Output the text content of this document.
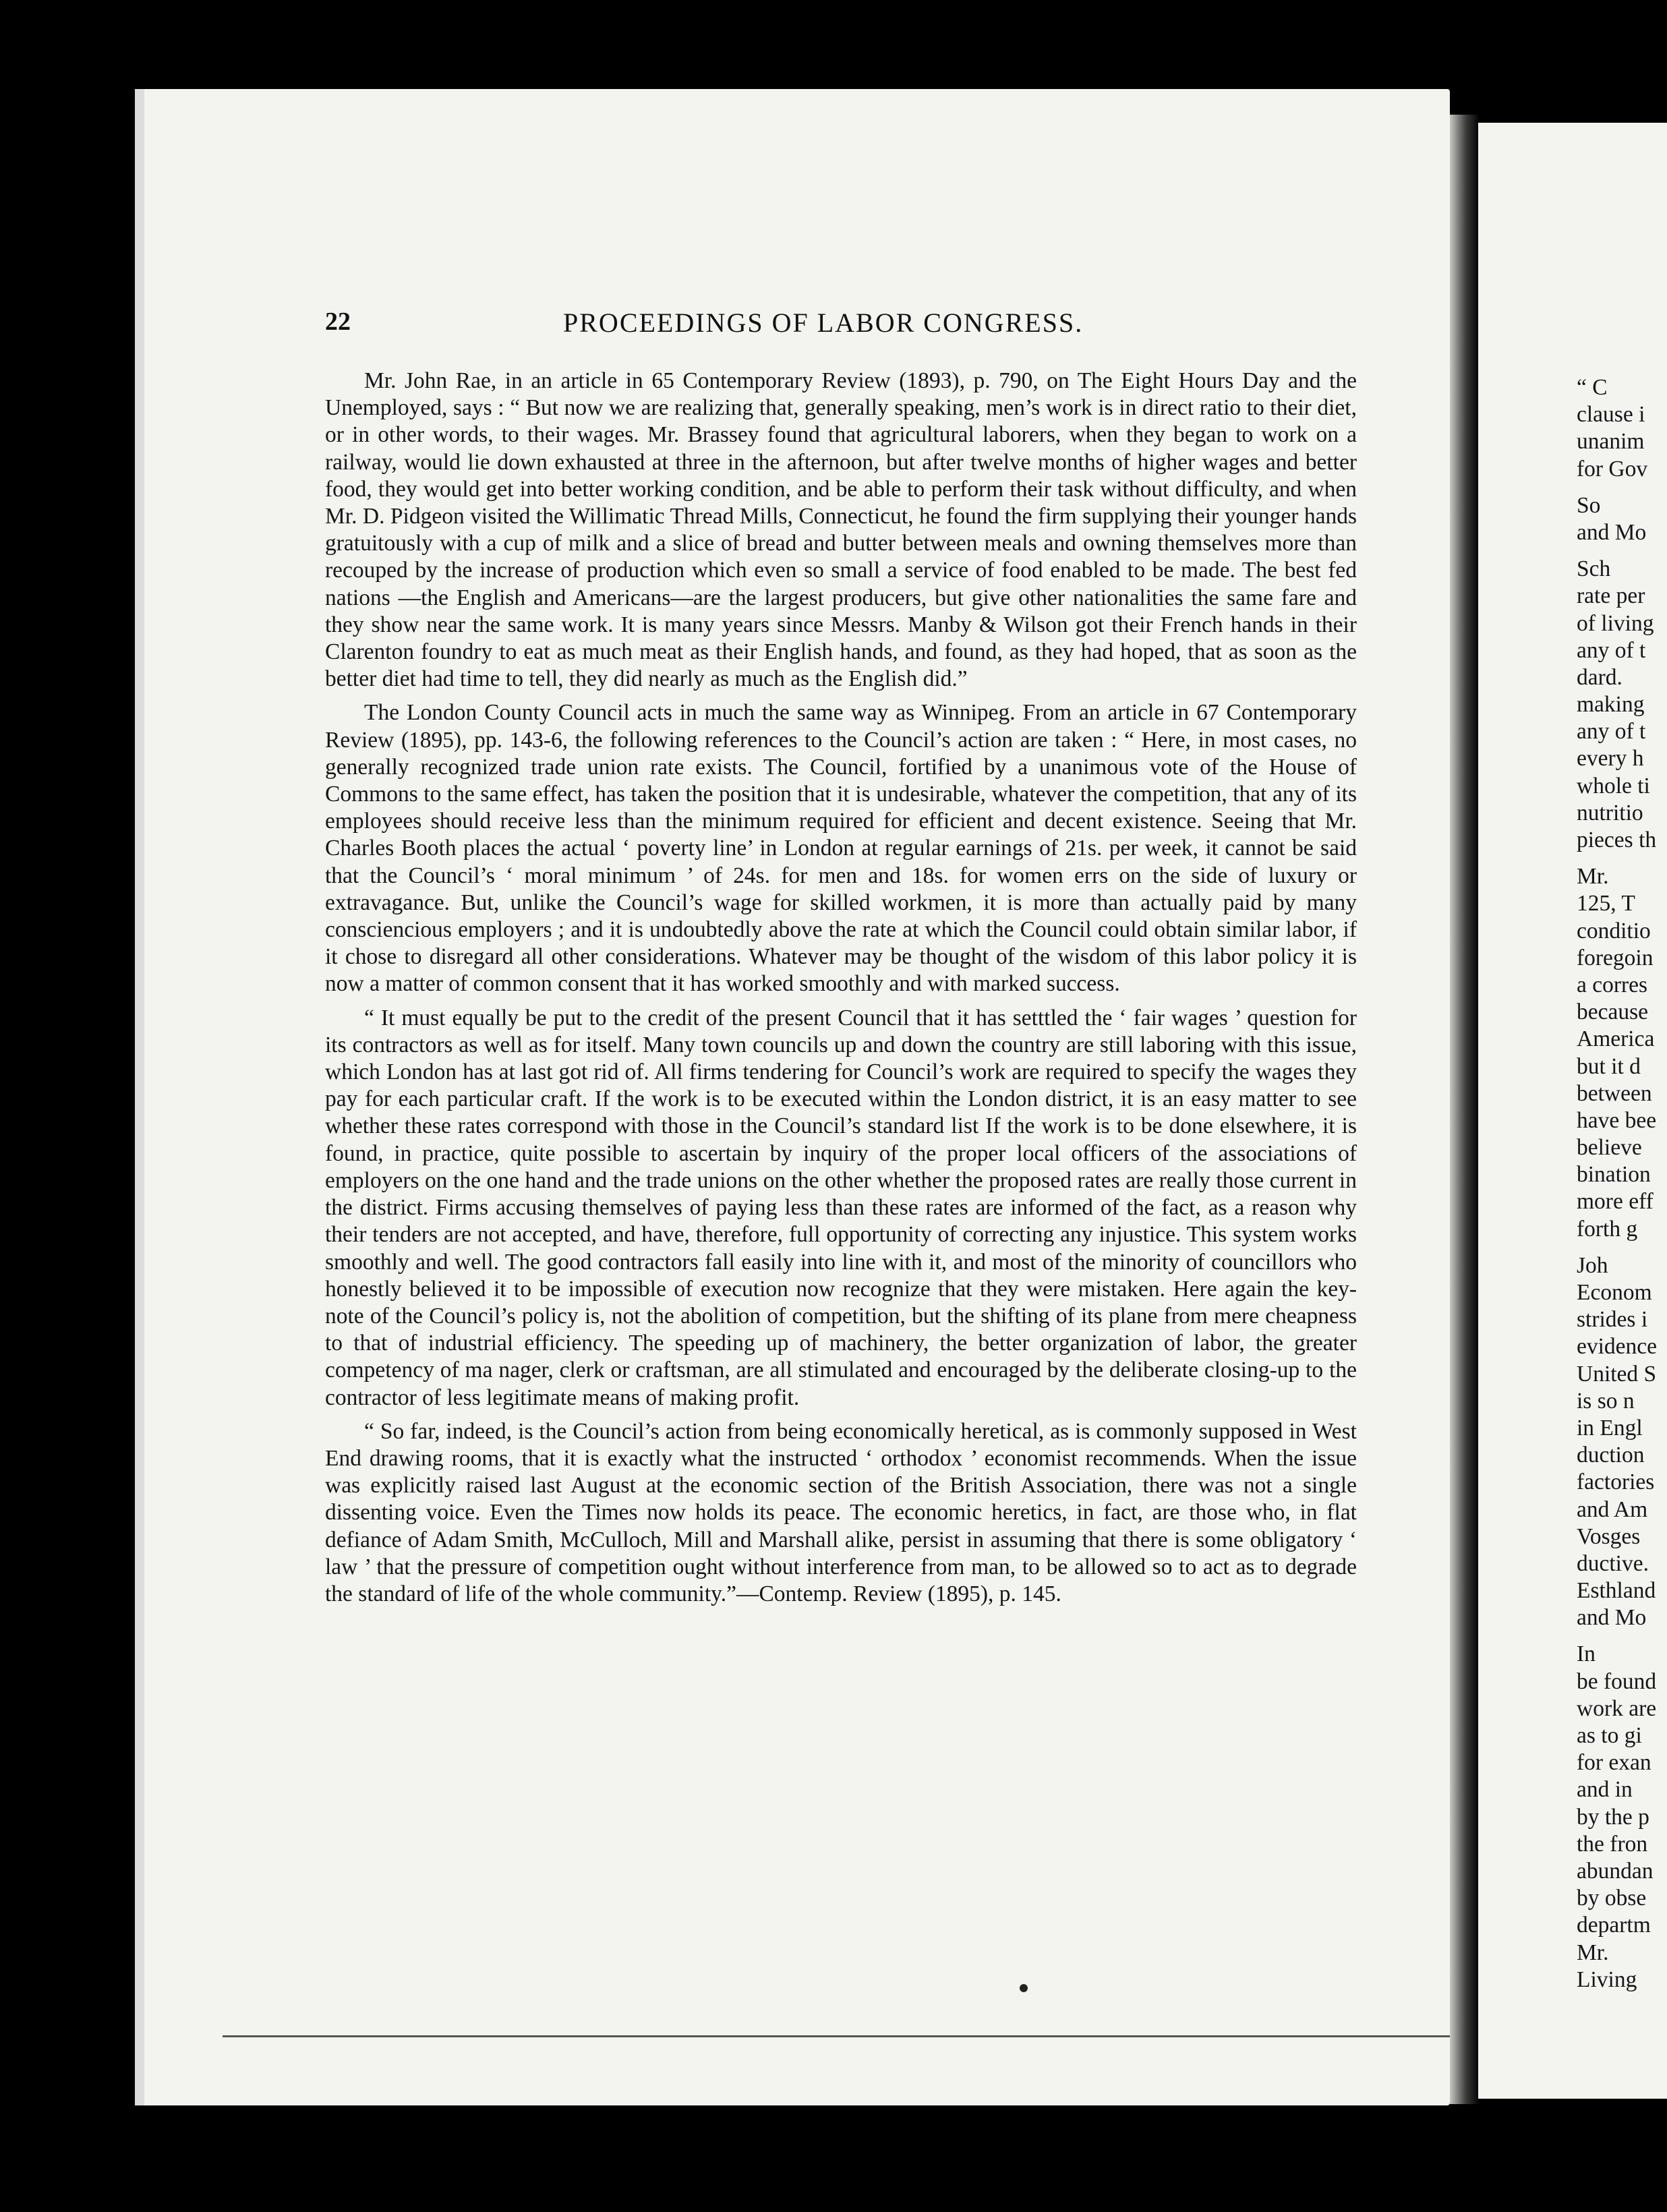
22	PROCEEDINGS OF LABOR CONGRESS.

Mr. John Rae, in an article in 65 Contemporary Review (1893), p. 790, on The Eight Hours Day and the Unemployed, says : “ But now we are realizing that, generally speaking, men’s work is in direct ratio to their diet, or in other words, to their wages. Mr. Brassey found that agricultural laborers, when they began to work on a railway, would lie down exhausted at three in the afternoon, but after twelve months of higher wages and better food, they would get into better working condition, and be able to perform their task without difficulty, and when Mr. D. Pidgeon visited the Willimatic Thread Mills, Connecticut, he found the firm supplying their younger hands gratuitously with a cup of milk and a slice of bread and butter between meals and owning themselves more than recouped by the increase of production which even so small a service of food enabled to be made. The best fed nations —the English and Americans—are the largest producers, but give other nationalities the same fare and they show near the same work. It is many years since Messrs. Manby & Wilson got their French hands in their Clarenton foundry to eat as much meat as their English hands, and found, as they had hoped, that as soon as the better diet had time to tell, they did nearly as much as the English did.”

The London County Council acts in much the same way as Winnipeg. From an article in 67 Contemporary Review (1895), pp. 143-6, the following references to the Council’s action are taken : “ Here, in most cases, no generally recognized trade union rate exists. The Council, fortified by a unanimous vote of the House of Commons to the same effect, has taken the position that it is undesirable, whatever the competition, that any of its employees should receive less than the minimum required for efficient and decent existence. Seeing that Mr. Charles Booth places the actual ‘ poverty line’ in London at regular earnings of 21s. per week, it cannot be said that the Council’s ‘ moral minimum ’ of 24s. for men and 18s. for women errs on the side of luxury or extravagance. But, unlike the Council’s wage for skilled workmen, it is more than actually paid by many consciencious employers ; and it is undoubtedly above the rate at which the Council could obtain similar labor, if it chose to disregard all other considerations. Whatever may be thought of the wisdom of this labor policy it is now a matter of common consent that it has worked smoothly and with marked success.

“ It must equally be put to the credit of the present Council that it has setttled the ‘ fair wages ’ question for its contractors as well as for itself. Many town councils up and down the country are still laboring with this issue, which London has at last got rid of. All firms tendering for Council’s work are required to specify the wages they pay for each particular craft. If the work is to be executed within the London district, it is an easy matter to see whether these rates correspond with those in the Council’s standard list If the work is to be done elsewhere, it is found, in practice, quite possible to ascertain by inquiry of the proper local officers of the associations of employers on the one hand and the trade unions on the other whether the proposed rates are really those current in the district. Firms accusing themselves of paying less than these rates are informed of the fact, as a reason why their tenders are not accepted, and have, therefore, full opportunity of correcting any injustice. This system works smoothly and well. The good contractors fall easily into line with it, and most of the minority of councillors who honestly believed it to be impossible of execution now recognize that they were mistaken. Here again the key-note of the Council’s policy is, not the abolition of competition, but the shifting of its plane from mere cheapness to that of industrial efficiency. The speeding up of machinery, the better organization of labor, the greater competency of ma nager, clerk or craftsman, are all stimulated and encouraged by the deliberate closing-up to the contractor of less legitimate means of making profit.

“ So far, indeed, is the Council’s action from being economically heretical, as is commonly supposed in West End drawing rooms, that it is exactly what the instructed ‘ orthodox ’ economist recommends. When the issue was explicitly raised last August at the economic section of the British Association, there was not a single dissenting voice. Even the Times now holds its peace. The economic heretics, in fact, are those who, in flat defiance of Adam Smith, McCulloch, Mill and Marshall alike, persist in assuming that there is some obligatory ‘ law ’ that the pressure of competition ought without interference from man, to be allowed so to act as to degrade the standard of life of the whole community.”—Contemp. Review (1895), p. 145.

“ C
clause i
unanim
for Gov
So
and Mo
Sch
rate per
of living
any of t
dard.
making
any of t
every h
whole ti
nutritio
pieces th
Mr.
125, T
conditio
foregoin
a corres
because
America
but it d
between
have bee
believe
bination
more eff
forth g
Joh
Econom
strides i
evidence
United S
is so n
in Engl
duction
factories
and Am
Vosges
ductive.
Esthland
and Mo
In
be found
work are
as to gi
for exan
and in
by the p
the fron
abundan
by obse
departm
Mr.
Living
